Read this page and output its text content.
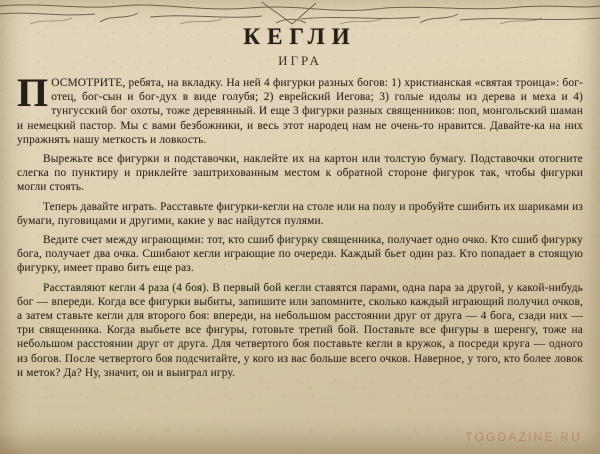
КЕГЛИ
ИГРА

ПОСМОТРИТЕ, ребята, на вкладку. На ней 4 фигурки разных богов: 1) христианская «святая троица»: бог-отец, бог-сын и бог-дух в виде голубя; 2) еврейский Иегова; 3) голые идолы из дерева и мехa и 4) тунгусский бог охоты, тоже деревянный. И еще 3 фигурки разных священников: поп, монгольский шаман и немецкий пастор. Мы с вами безбожники, и весь этот народец нам не очень-то нравится. Давайте-ка на них упражнять нашу меткость и ловкость.

Вырежьте все фигурки и подставочки, наклейте их на картон или толстую бумагу. Подставочки отогните слегка по пунктиру и приклейте заштрихованным местом к обратной стороне фигурок так, чтобы фигурки могли стоять.

Теперь давайте играть. Расставьте фигурки-кегли на столе или на полу и пробуйте сшибить их шариками из бумаги, пуговицами и другими, какие у вас найдутся пулями.

Ведите счет между играющими: тот, кто сшиб фигурку священника, получает одно очко. Кто сшиб фигурку бога, получает два очка. Сшибают кегли играющие по очереди. Каждый бьет один раз. Кто попадает в стоящую фигурку, имеет право бить еще раз.

Расставляют кегли 4 раза (4 боя). В первый бой кегли ставятся парами, одна пара за другой, у какой-нибудь бог — впереди. Когда все фигурки выбиты, запишите или запомните, сколько каждый играющий получил очков, а затем ставьте кегли для второго боя: впереди, на небольшом расстоянии друг от друга — 4 бога, сзади них — три священника. Когда выбьете все фигуры, готовьте третий бой. Поставьте все фигуры в шеренгу, тоже на небольшом расстоянии друг от друга. Для четвертого боя поставьте кегли в кружок, а посреди круга — одного из богов. После четвертого боя подсчитайте, у кого из вас больше всего очков. Наверное, у того, кто более ловок и меток? Да? Ну, значит, он и выиграл игру.

TOGDAZINE.RU
